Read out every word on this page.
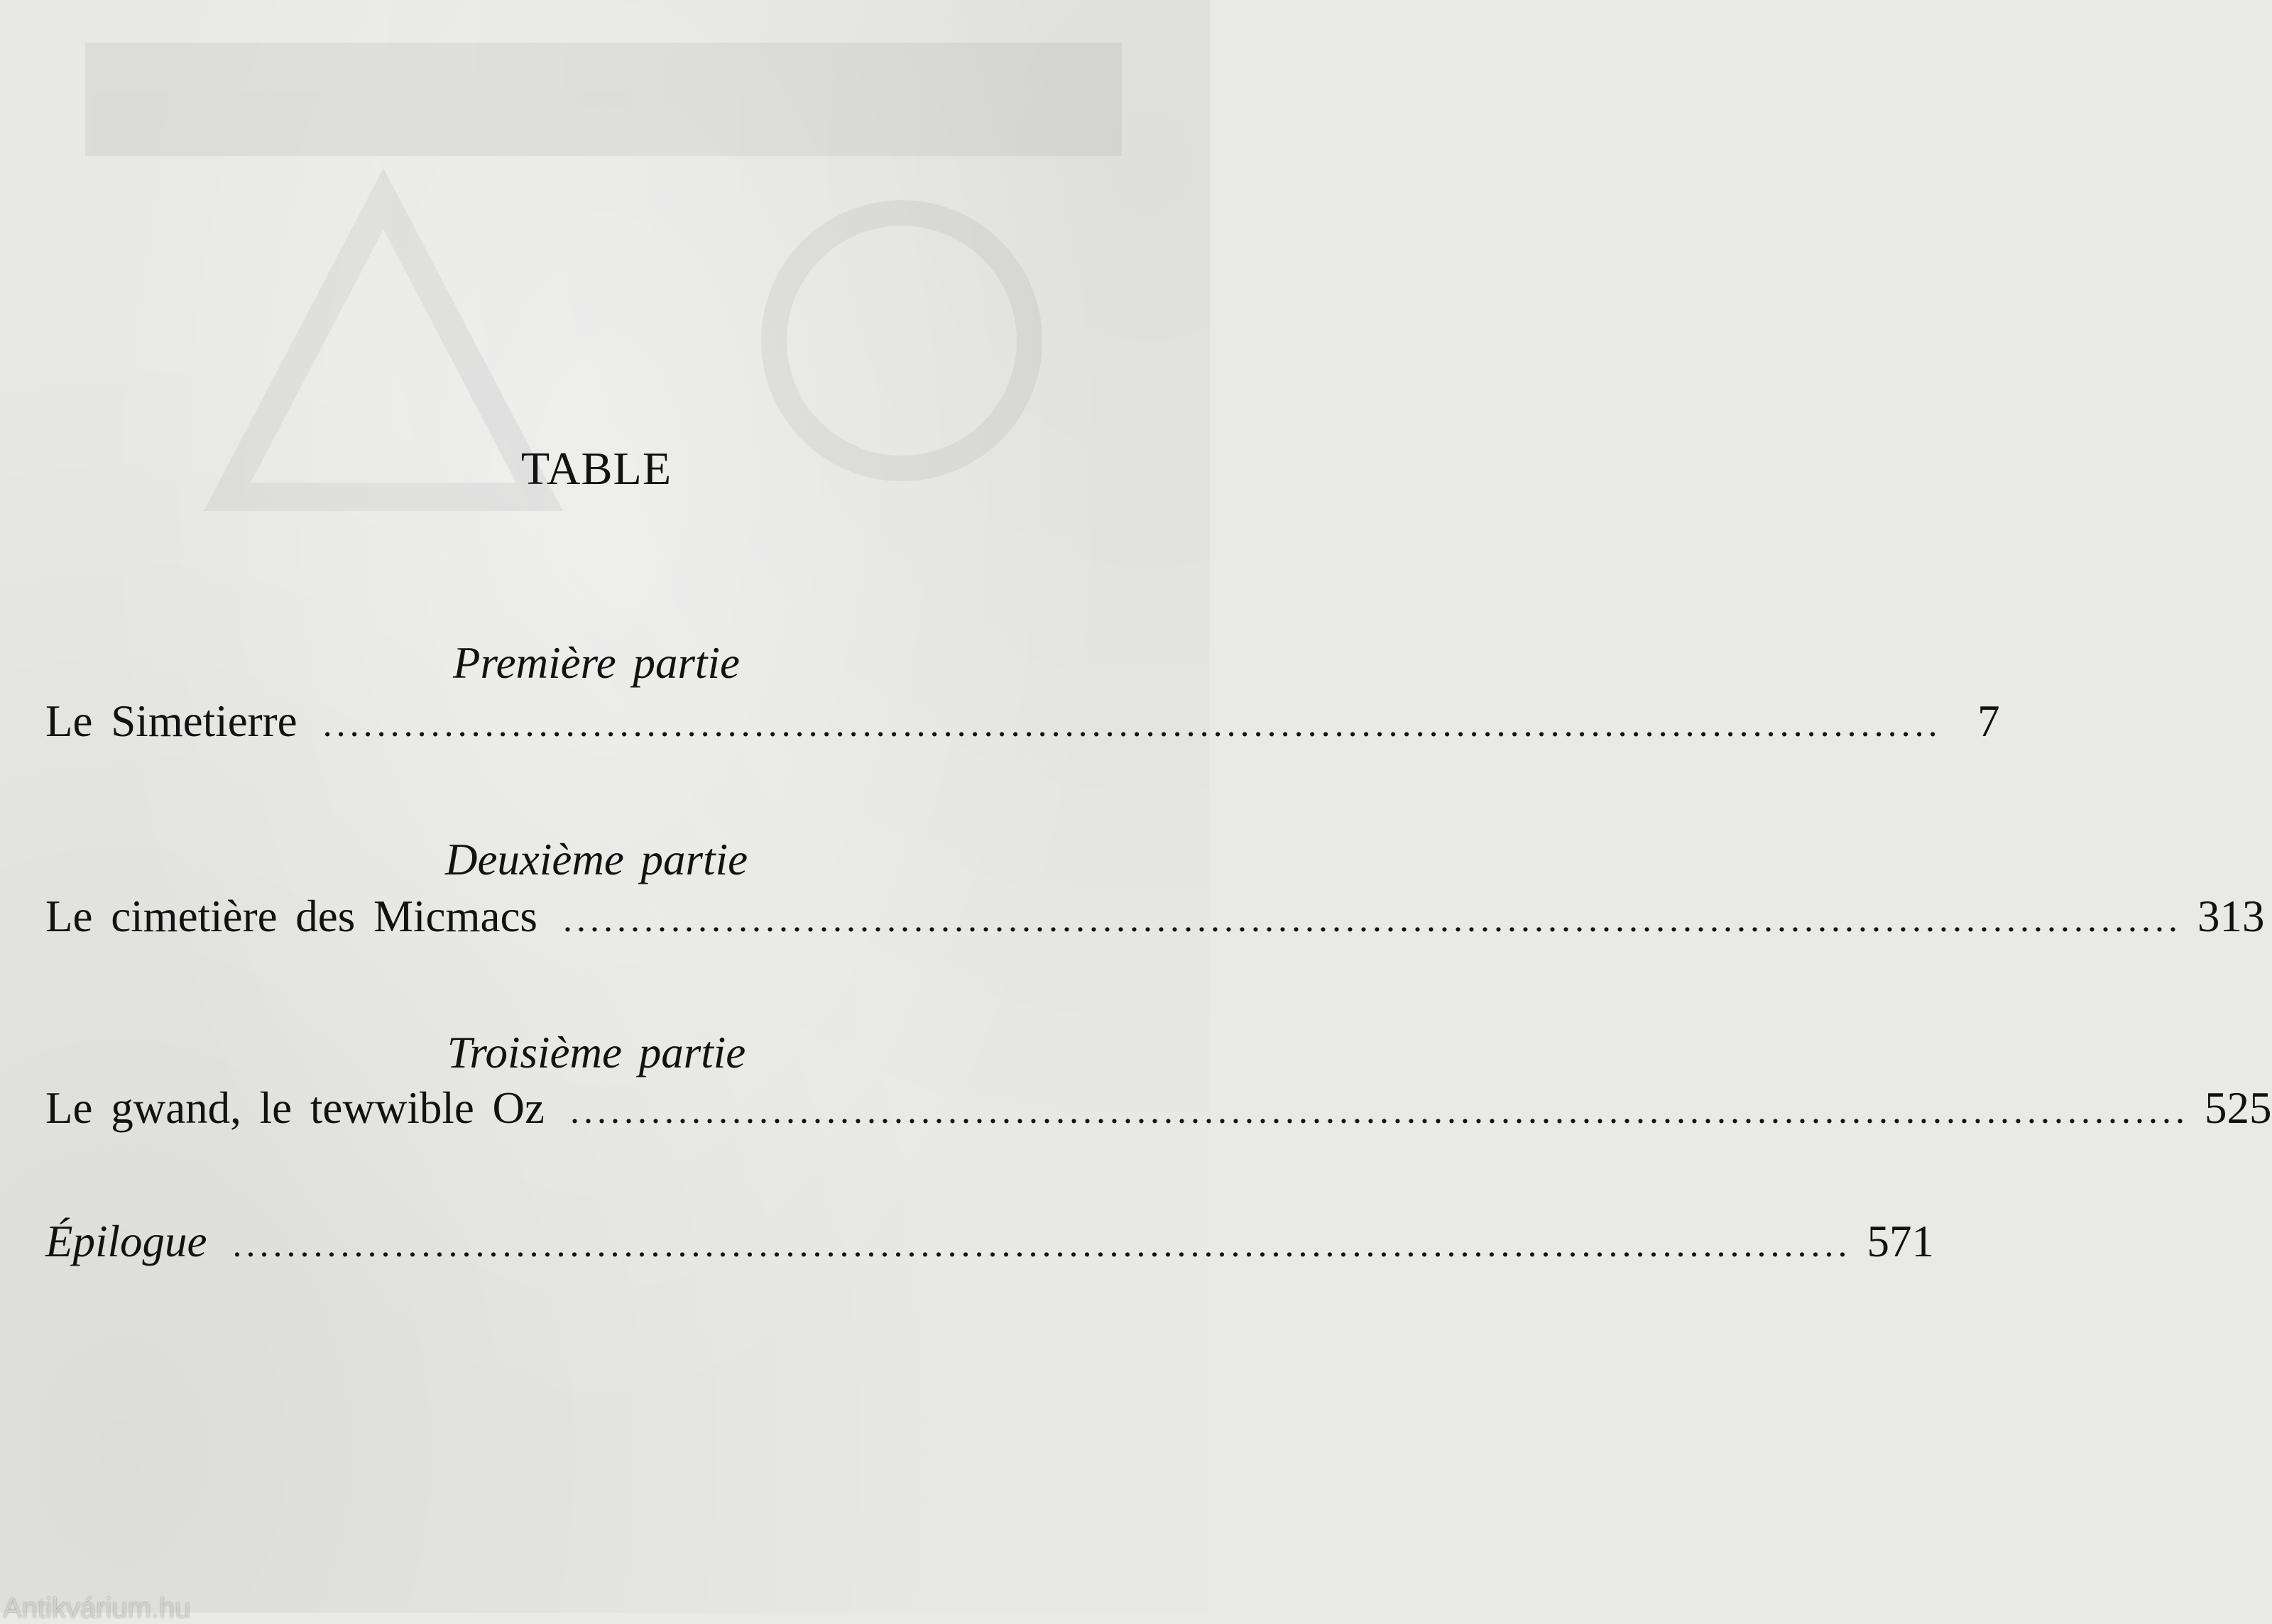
TABLE
Première partie
Le Simetierre ........................................................................................................................ 7
Deuxième partie
Le cimetière des Micmacs ........................................................................................................................ 313
Troisième partie
Le gwand, le tewwible Oz ........................................................................................................................ 525
Épilogue ........................................................................................................................ 571
Antikvárium.hu
